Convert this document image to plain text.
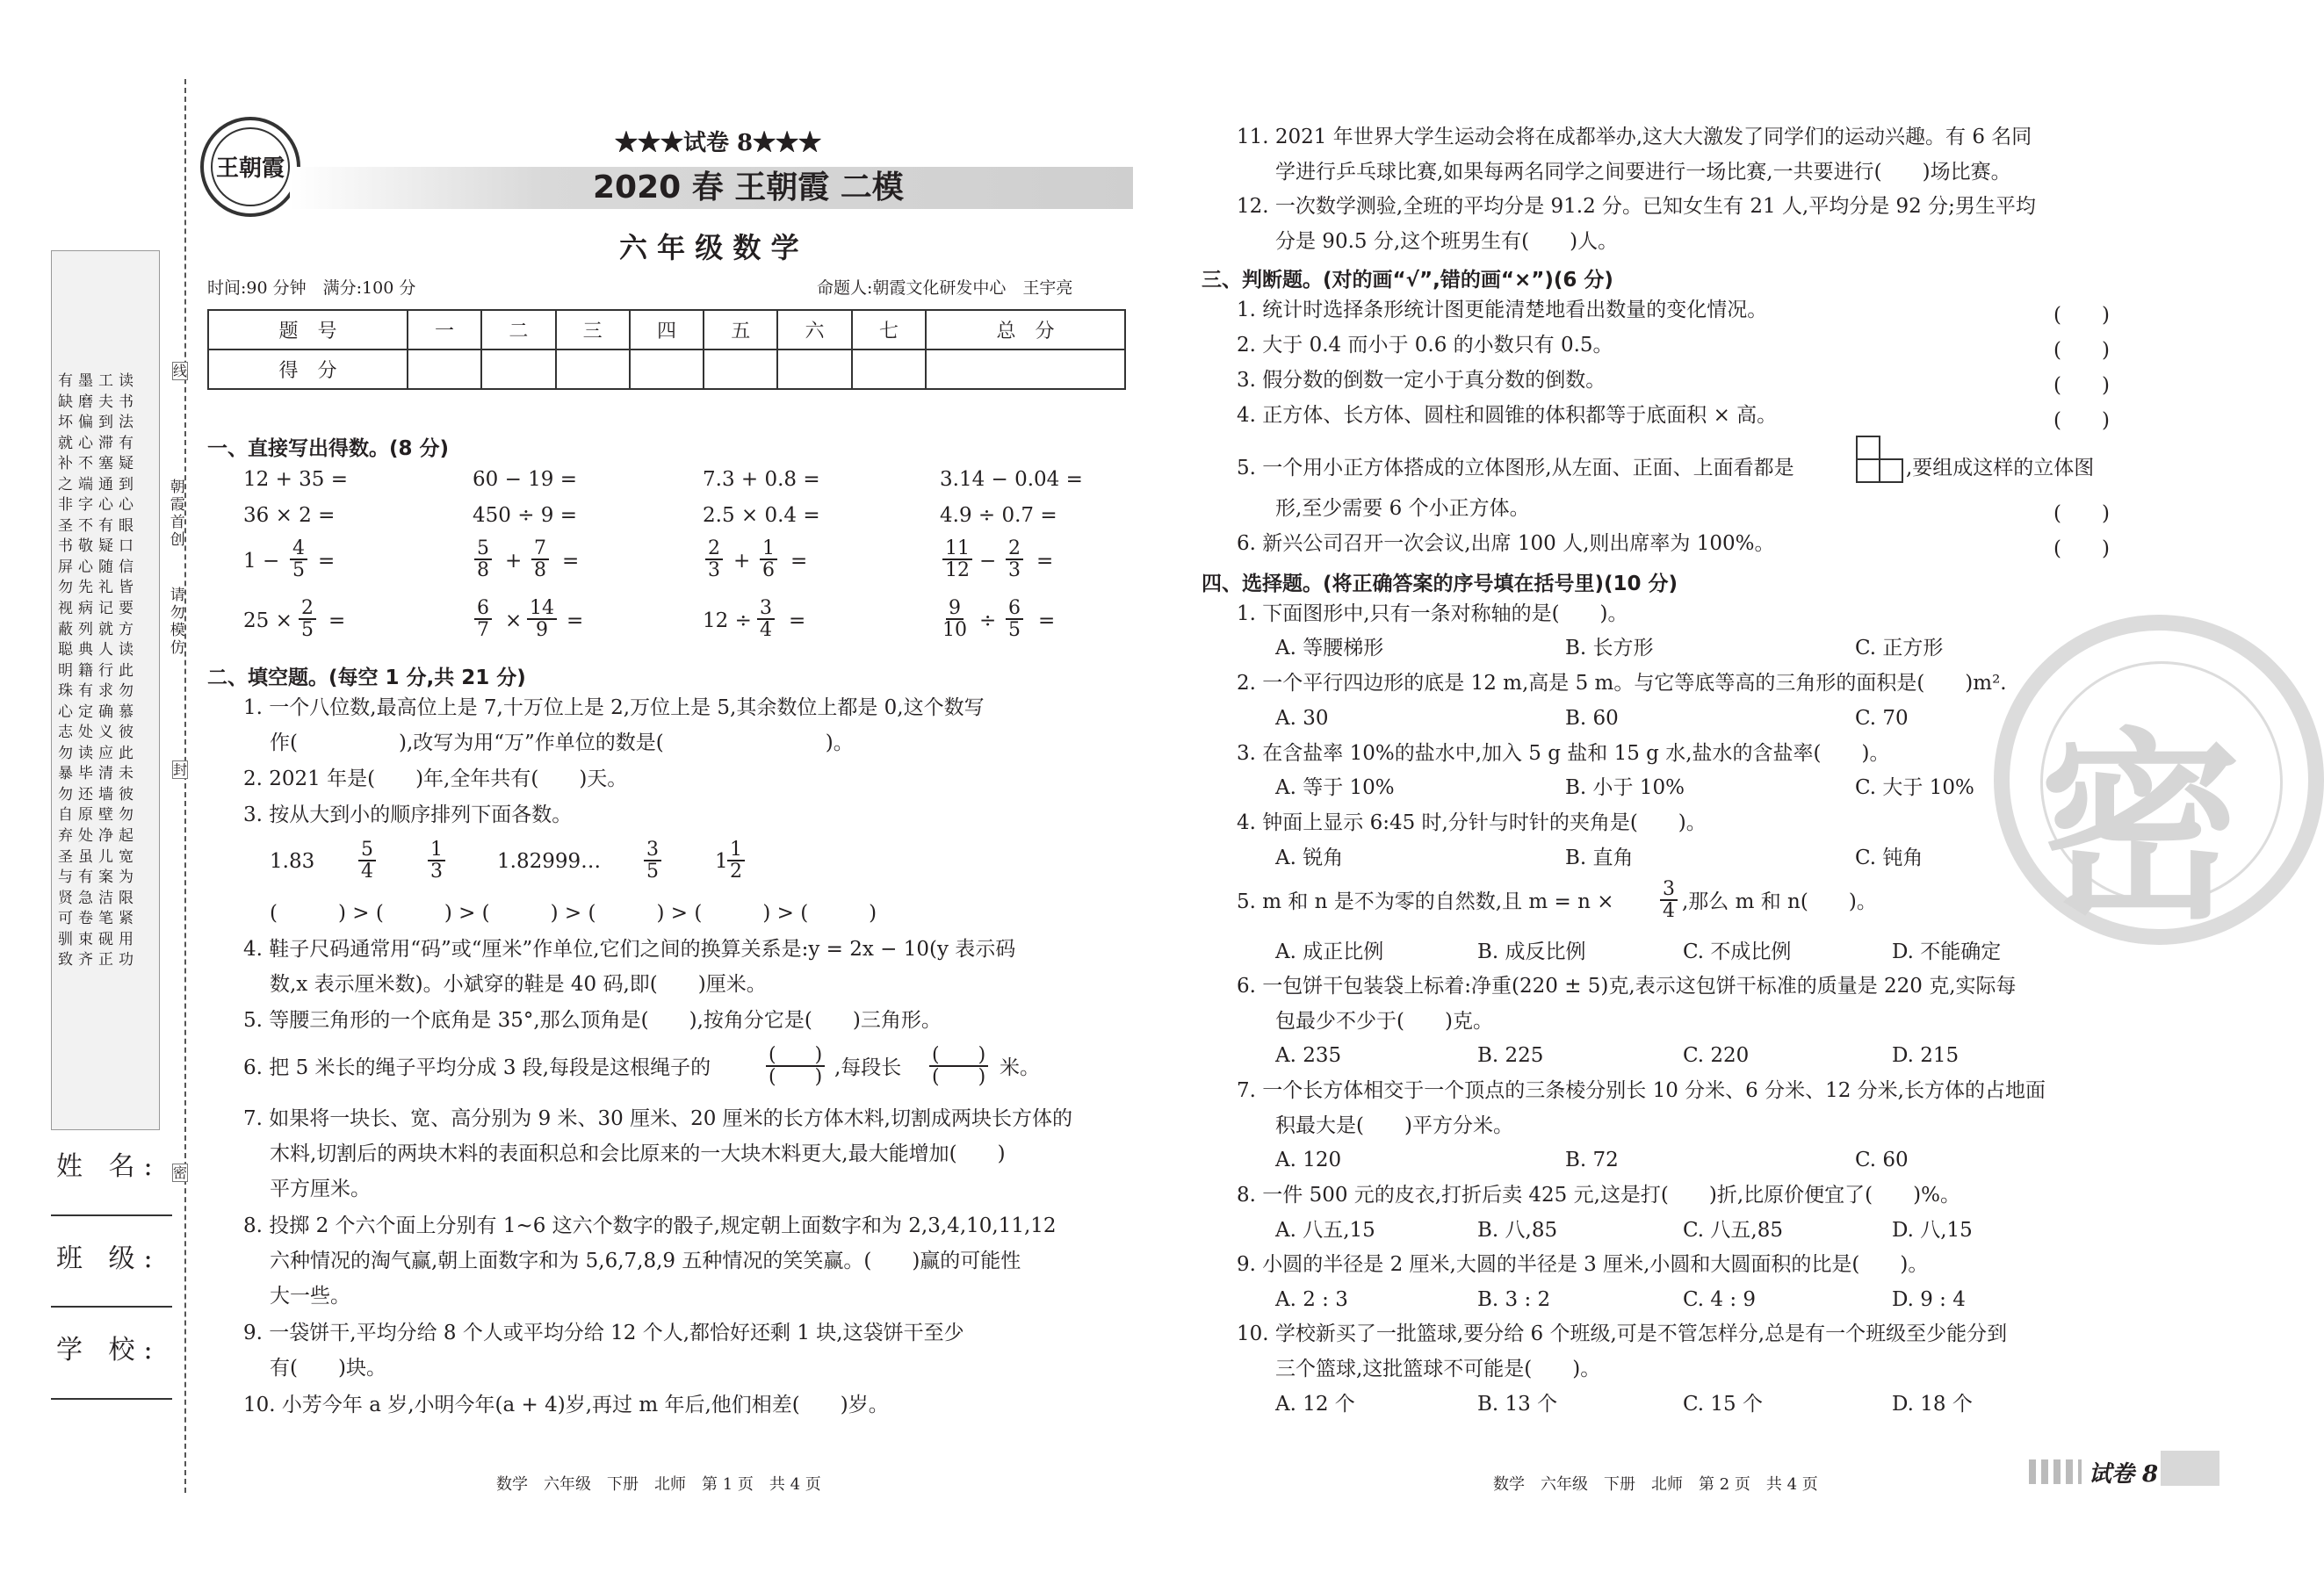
有墨工读
缺磨夫书
坏偏到法
就心滞有
补不塞疑
之端通到
非字心心
圣不有眼
书敬疑口
屏心随信
勿先礼皆
视病记要
蔽列就方
聪典人读
明籍行此
珠有求勿
心定确慕
志处义彼
勿读应此
暴毕清未
勿还墙彼
自原壁勿
弃处净起
圣虽儿宽
与有案为
贤急洁限
可卷笔紧
驯束砚用
致齐正功
朝霞首创
请勿模仿
线
封
密
姓 名:
班 级:
学 校:
王朝霞
★★★试卷 8★★★
2020 春 王朝霞 二模
六 年 级 数 学
时间:90 分钟　满分:100 分	命题人:朝霞文化研发中心　王宇亮
题　号	一	二	三	四	五	六	七	总　分
得　分								
一、直接写出得数。(8 分)
12 + 35 =	60 − 19 =	7.3 + 0.8 =	3.14 − 0.04 =
36 × 2 =	450 ÷ 9 =	2.5 × 0.4 =	4.9 ÷ 0.7 =
$1 - \frac{4}{5}$ =	$\frac{5}{8} + \frac{7}{8}$ =	$\frac{2}{3} + \frac{1}{6}$ =	$\frac{11}{12} - \frac{2}{3}$ =
$25 \times \frac{2}{5}$ =	$\frac{6}{7} \times \frac{14}{9}$ =	$12 \div \frac{3}{4}$ =	$\frac{9}{10} \div \frac{6}{5}$ =
二、填空题。(每空 1 分,共 21 分)
1. 一个八位数,最高位上是 7,十万位上是 2,万位上是 5,其余数位上都是 0,这个数写
作(　　　　　),改写为用“万”作单位的数是(　　　　　　　　)。
2. 2021 年是(　　)年,全年共有(　　)天。
3. 按从大到小的顺序排列下面各数。
$1.83 \frac{5}{4}$	$\frac{1}{3}$	1.82999… $\frac{3}{5}$	$1 \frac{1}{2}$
(　　　) > (　　　) > (　　　) > (　　　) > (　　　) > (　　　)
4. 鞋子尺码通常用“码”或“厘米”作单位,它们之间的换算关系是:y = 2x − 10(y 表示码
数,x 表示厘米数)。小斌穿的鞋是 40 码,即(　　)厘米。
5. 等腰三角形的一个底角是 35°,那么顶角是(　　),按角分它是(　　)三角形。
6. 把 5 米长的绳子平均分成 3 段,每段是这根绳子的
(　　)
(　　) ,每段长
(　　)
(　　) 米。
7. 如果将一块长、宽、高分别为 9 米、30 厘米、20 厘米的长方体木料,切割成两块长方体的
木料,切割后的两块木料的表面积总和会比原来的一大块木料更大,最大能增加(　　)
平方厘米。
8. 投掷 2 个六个面上分别有 1~6 这六个数字的骰子,规定朝上面数字和为 2,3,4,10,11,12
六种情况的淘气赢,朝上面数字和为 5,6,7,8,9 五种情况的笑笑赢。(　　)赢的可能性
大一些。
9. 一袋饼干,平均分给 8 个人或平均分给 12 个人,都恰好还剩 1 块,这袋饼干至少
有(　　)块。
10. 小芳今年 a 岁,小明今年(a + 4)岁,再过 m 年后,他们相差(　　)岁。
数学　六年级　下册　北师　第 1 页　共 4 页
密
11. 2021 年世界大学生运动会将在成都举办,这大大激发了同学们的运动兴趣。有 6 名同
学进行乒乓球比赛,如果每两名同学之间要进行一场比赛,一共要进行(　　)场比赛。
12. 一次数学测验,全班的平均分是 91.2 分。已知女生有 21 人,平均分是 92 分;男生平均
分是 90.5 分,这个班男生有(　　)人。
三、判断题。(对的画“√”,错的画“×”)(6 分)
1. 统计时选择条形统计图更能清楚地看出数量的变化情况。	(　　)
2. 大于 0.4 而小于 0.6 的小数只有 0.5。	(　　)
3. 假分数的倒数一定小于真分数的倒数。	(　　)
4. 正方体、长方体、圆柱和圆锥的体积都等于底面积 × 高。	(　　)
5. 一个用小正方体搭成的立体图形,从左面、正面、上面看都是	,要组成这样的立体图
形,至少需要 6 个小正方体。	(　　)
6. 新兴公司召开一次会议,出席 100 人,则出席率为 100%。	(　　)
四、选择题。(将正确答案的序号填在括号里)(10 分)
1. 下面图形中,只有一条对称轴的是(　　)。
A. 等腰梯形	B. 长方形	C. 正方形
2. 一个平行四边形的底是 12 m,高是 5 m。与它等底等高的三角形的面积是(　　)m².
A. 30	B. 60	C. 70
3. 在含盐率 10%的盐水中,加入 5 g 盐和 15 g 水,盐水的含盐率(　　)。
A. 等于 10%	B. 小于 10%	C. 大于 10%
4. 钟面上显示 6:45 时,分针与时针的夹角是(　　)。
A. 锐角	B. 直角	C. 钝角
5. m 和 n 是不为零的自然数,且 $m = n \times \frac{3}{4}$ ,那么 m 和 n(　　)。
A. 成正比例	B. 成反比例	C. 不成比例	D. 不能确定
6. 一包饼干包装袋上标着:净重(220 ± 5)克,表示这包饼干标准的质量是 220 克,实际每
包最少不少于(　　)克。
A. 235	B. 225	C. 220	D. 215
7. 一个长方体相交于一个顶点的三条棱分别长 10 分米、6 分米、12 分米,长方体的占地面
积最大是(　　)平方分米。
A. 120	B. 72	C. 60
8. 一件 500 元的皮衣,打折后卖 425 元,这是打(　　)折,比原价便宜了(　　)%。
A. 八五,15	B. 八,85	C. 八五,85	D. 八,15
9. 小圆的半径是 2 厘米,大圆的半径是 3 厘米,小圆和大圆面积的比是(　　)。
A. 2 : 3	B. 3 : 2	C. 4 : 9	D. 9 : 4
10. 学校新买了一批篮球,要分给 6 个班级,可是不管怎样分,总是有一个班级至少能分到
三个篮球,这批篮球不可能是(　　)。
A. 12 个	B. 13 个	C. 15 个	D. 18 个
数学　六年级　下册　北师　第 2 页　共 4 页	试卷 8
